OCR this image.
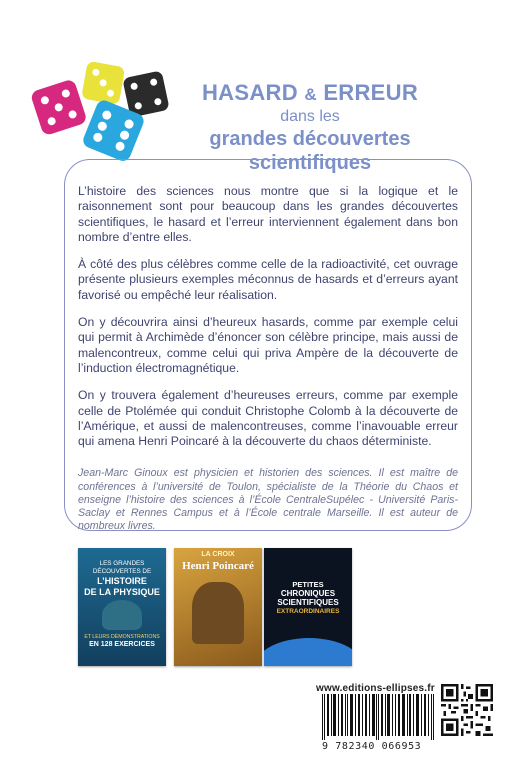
HASARD & ERREUR
dans les
grandes découvertes
scientifiques

L’histoire des sciences nous montre que si la logique et le raisonnement sont pour beaucoup dans les grandes découvertes scientifiques, le hasard et l’erreur interviennent également dans bon nombre d’entre elles.

À côté des plus célèbres comme celle de la radioactivité, cet ouvrage présente plusieurs exemples méconnus de hasards et d’erreurs ayant favorisé ou empêché leur réalisation.

On y découvrira ainsi d’heureux hasards, comme par exemple celui qui permit à Archimède d’énoncer son célèbre principe, mais aussi de malencontreux, comme celui qui priva Ampère de la découverte de l’induction électromagnétique.

On y trouvera également d’heureuses erreurs, comme par exemple celle de Ptolémée qui conduit Christophe Colomb à la découverte de l’Amérique, et aussi de malencontreuses, comme l’inavouable erreur qui amena Henri Poincaré à la découverte du chaos déterministe.

Jean-Marc Ginoux est physicien et historien des sciences. Il est maître de conférences à l’université de Toulon, spécialiste de la Théorie du Chaos et enseigne l’histoire des sciences à l’École CentraleSupélec - Université Paris-Saclay et Rennes Campus et à l’École centrale Marseille. Il est auteur de nombreux livres.

LES GRANDES
DÉCOUVERTES DE
L’HISTOIRE
DE LA PHYSIQUE
ET LEURS DÉMONSTRATIONS
EN 128 EXERCICES
LA CROIX
Henri Poincaré
PETITES
CHRONIQUES
SCIENTIFIQUES
EXTRAORDINAIRES
www.editions-ellipses.fr
9 782340 066953
